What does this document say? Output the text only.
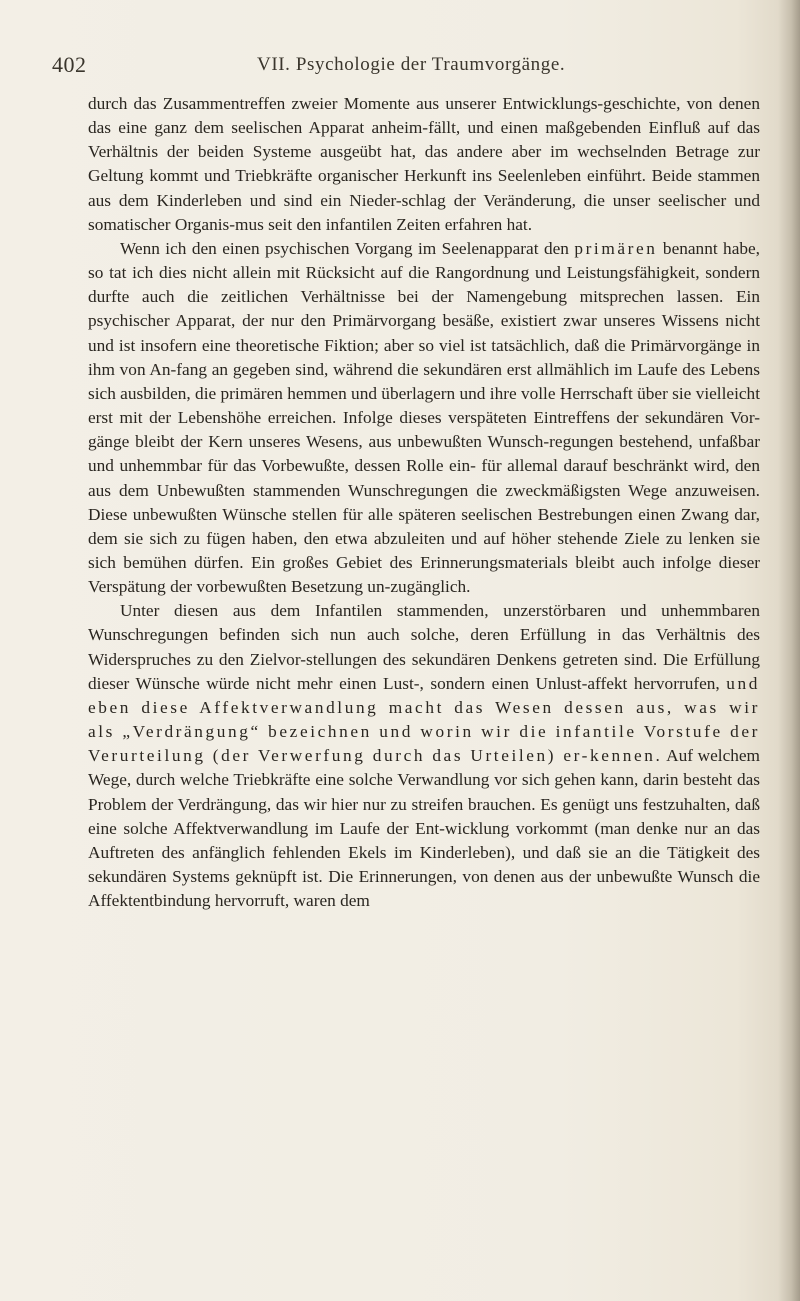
402	VII. Psychologie der Traumvorgänge.

durch das Zusammentreffen zweier Momente aus unserer Entwicklungs-geschichte, von denen das eine ganz dem seelischen Apparat anheim-fällt, und einen maßgebenden Einfluß auf das Verhältnis der beiden Systeme ausgeübt hat, das andere aber im wechselnden Betrage zur Geltung kommt und Triebkräfte organischer Herkunft ins Seelenleben einführt. Beide stammen aus dem Kinderleben und sind ein Nieder-schlag der Veränderung, die unser seelischer und somatischer Organis-mus seit den infantilen Zeiten erfahren hat.

Wenn ich den einen psychischen Vorgang im Seelenapparat den primären benannt habe, so tat ich dies nicht allein mit Rücksicht auf die Rangordnung und Leistungsfähigkeit, sondern durfte auch die zeitlichen Verhältnisse bei der Namengebung mitsprechen lassen. Ein psychischer Apparat, der nur den Primärvorgang besäße, existiert zwar unseres Wissens nicht und ist insofern eine theoretische Fiktion; aber so viel ist tatsächlich, daß die Primärvorgänge in ihm von An-fang an gegeben sind, während die sekundären erst allmählich im Laufe des Lebens sich ausbilden, die primären hemmen und überlagern und ihre volle Herrschaft über sie vielleicht erst mit der Lebenshöhe erreichen. Infolge dieses verspäteten Eintreffens der sekundären Vor-gänge bleibt der Kern unseres Wesens, aus unbewußten Wunsch-regungen bestehend, unfaßbar und unhemmbar für das Vorbewußte, dessen Rolle ein- für allemal darauf beschränkt wird, den aus dem Unbewußten stammenden Wunschregungen die zweckmäßigsten Wege anzuweisen. Diese unbewußten Wünsche stellen für alle späteren seelischen Bestrebungen einen Zwang dar, dem sie sich zu fügen haben, den etwa abzuleiten und auf höher stehende Ziele zu lenken sie sich bemühen dürfen. Ein großes Gebiet des Erinnerungsmaterials bleibt auch infolge dieser Verspätung der vorbewußten Besetzung un-zugänglich.

Unter diesen aus dem Infantilen stammenden, unzerstörbaren und unhemmbaren Wunschregungen befinden sich nun auch solche, deren Erfüllung in das Verhältnis des Widerspruches zu den Zielvor-stellungen des sekundären Denkens getreten sind. Die Erfüllung dieser Wünsche würde nicht mehr einen Lust-, sondern einen Unlust-affekt hervorrufen, und eben diese Affektverwandlung macht das Wesen dessen aus, was wir als „Verdrängung“ bezeichnen und worin wir die infantile Vorstufe der Verurteilung (der Verwerfung durch das Urteilen) er-kennen. Auf welchem Wege, durch welche Triebkräfte eine solche Verwandlung vor sich gehen kann, darin besteht das Problem der Verdrängung, das wir hier nur zu streifen brauchen. Es genügt uns festzuhalten, daß eine solche Affektverwandlung im Laufe der Ent-wicklung vorkommt (man denke nur an das Auftreten des anfänglich fehlenden Ekels im Kinderleben), und daß sie an die Tätigkeit des sekundären Systems geknüpft ist. Die Erinnerungen, von denen aus der unbewußte Wunsch die Affektentbindung hervorruft, waren dem
